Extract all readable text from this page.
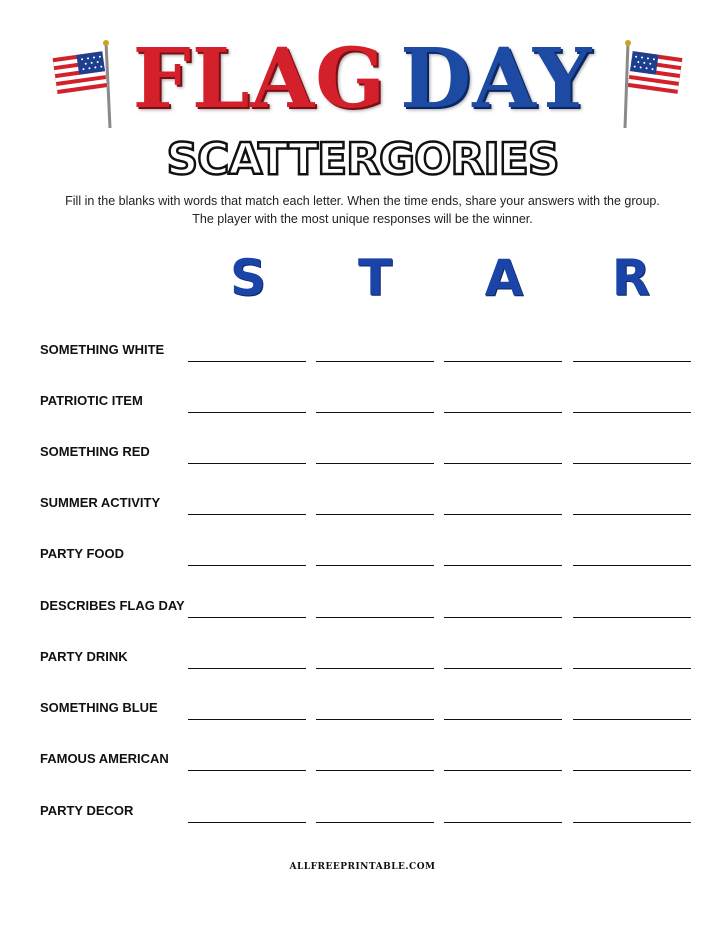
FLAG DAY
SCATTERGORIES
Fill in the blanks with words that match each letter. When the time ends, share your answers with the group. The player with the most unique responses will be the winner.
S T A R
SOMETHING WHITE
PATRIOTIC ITEM
SOMETHING RED
SUMMER ACTIVITY
PARTY FOOD
DESCRIBES FLAG DAY
PARTY DRINK
SOMETHING BLUE
FAMOUS AMERICAN
PARTY DECOR
ALLFREEPRINTABLE.COM
